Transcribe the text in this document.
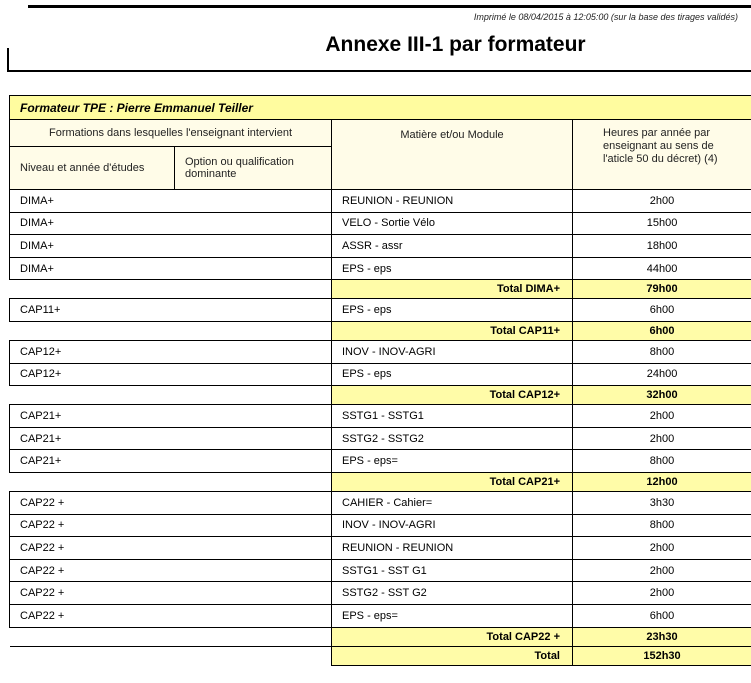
Imprimé le 08/04/2015 à 12:05:00 (sur la base des tirages validés)
Annexe III-1 par formateur
Formateur TPE : Pierre Emmanuel Teiller			
Formations dans lesquelles l'enseignant intervient		Matière et/ou Module	Heures par année par enseignant au sens de l'aticle 50 du décret) (4)
Niveau et année d'études	Option ou qualification dominante		
DIMA+		REUNION - REUNION	2h00
DIMA+		VELO - Sortie Vélo	15h00
DIMA+		ASSR - assr	18h00
DIMA+		EPS - eps	44h00
		Total DIMA+	79h00
CAP11+		EPS - eps	6h00
		Total CAP11+	6h00
CAP12+		INOV - INOV-AGRI	8h00
CAP12+		EPS - eps	24h00
		Total CAP12+	32h00
CAP21+		SSTG1 - SSTG1	2h00
CAP21+		SSTG2 - SSTG2	2h00
CAP21+		EPS - eps=	8h00
		Total CAP21+	12h00
CAP22 +		CAHIER - Cahier=	3h30
CAP22 +		INOV - INOV-AGRI	8h00
CAP22 +		REUNION - REUNION	2h00
CAP22 +		SSTG1 - SST G1	2h00
CAP22 +		SSTG2 - SST G2	2h00
CAP22 +		EPS - eps=	6h00
		Total CAP22 +	23h30
		Total	152h30
